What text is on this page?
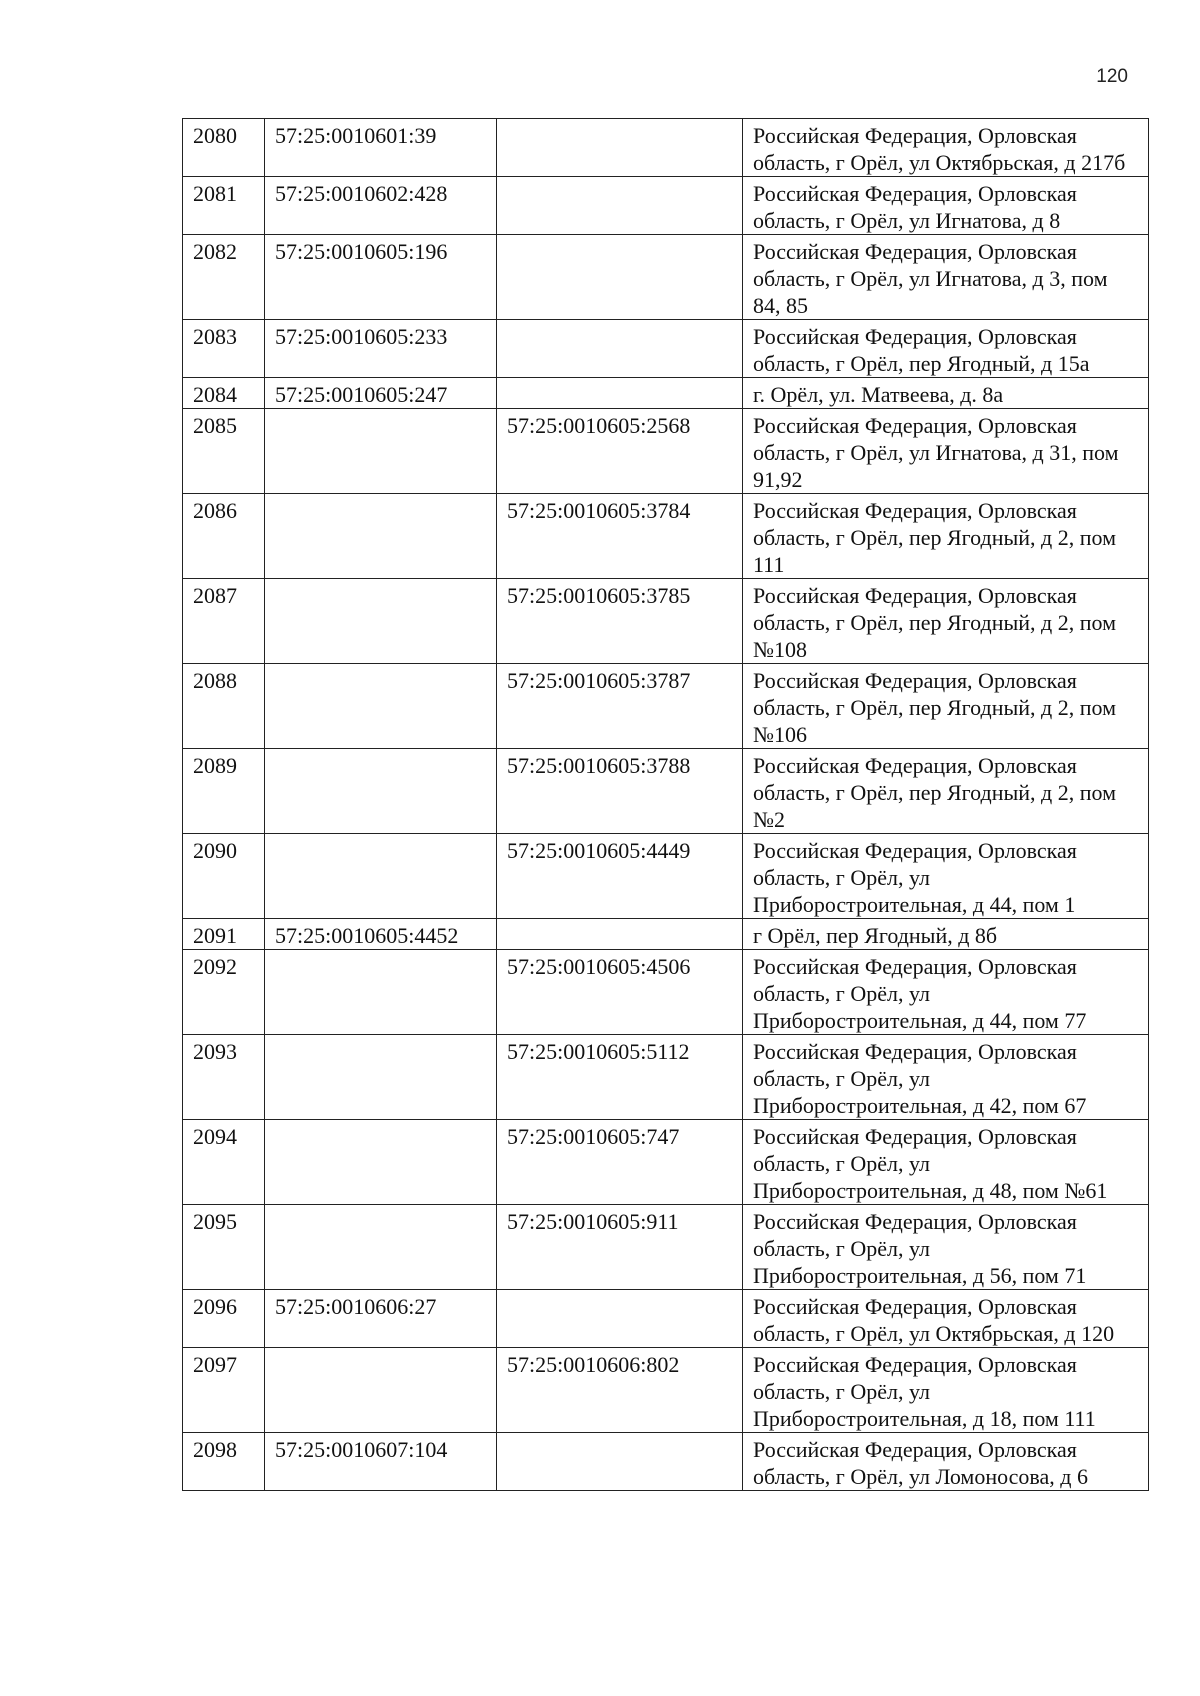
120
2080	57:25:0010601:39		Российская Федерация, Орловская область, г Орёл, ул Октябрьская, д 217б
2081	57:25:0010602:428		Российская Федерация, Орловская область, г Орёл, ул Игнатова, д 8
2082	57:25:0010605:196		Российская Федерация, Орловская область, г Орёл, ул Игнатова, д 3, пом 84, 85
2083	57:25:0010605:233		Российская Федерация, Орловская область, г Орёл, пер Ягодный, д 15а
2084	57:25:0010605:247		г. Орёл, ул. Матвеева, д. 8а
2085		57:25:0010605:2568	Российская Федерация, Орловская область, г Орёл, ул Игнатова, д 31, пом 91,92
2086		57:25:0010605:3784	Российская Федерация, Орловская область, г Орёл, пер Ягодный, д 2, пом 111
2087		57:25:0010605:3785	Российская Федерация, Орловская область, г Орёл, пер Ягодный, д 2, пом №108
2088		57:25:0010605:3787	Российская Федерация, Орловская область, г Орёл, пер Ягодный, д 2, пом №106
2089		57:25:0010605:3788	Российская Федерация, Орловская область, г Орёл, пер Ягодный, д 2, пом №2
2090		57:25:0010605:4449	Российская Федерация, Орловская область, г Орёл, ул Приборостроительная, д 44, пом 1
2091	57:25:0010605:4452		г Орёл, пер Ягодный, д 8б
2092		57:25:0010605:4506	Российская Федерация, Орловская область, г Орёл, ул Приборостроительная, д 44, пом 77
2093		57:25:0010605:5112	Российская Федерация, Орловская область, г Орёл, ул Приборостроительная, д 42, пом 67
2094		57:25:0010605:747	Российская Федерация, Орловская область, г Орёл, ул Приборостроительная, д 48, пом №61
2095		57:25:0010605:911	Российская Федерация, Орловская область, г Орёл, ул Приборостроительная, д 56, пом 71
2096	57:25:0010606:27		Российская Федерация, Орловская область, г Орёл, ул Октябрьская, д 120
2097		57:25:0010606:802	Российская Федерация, Орловская область, г Орёл, ул Приборостроительная, д 18, пом 111
2098	57:25:0010607:104		Российская Федерация, Орловская область, г Орёл, ул Ломоносова, д 6
